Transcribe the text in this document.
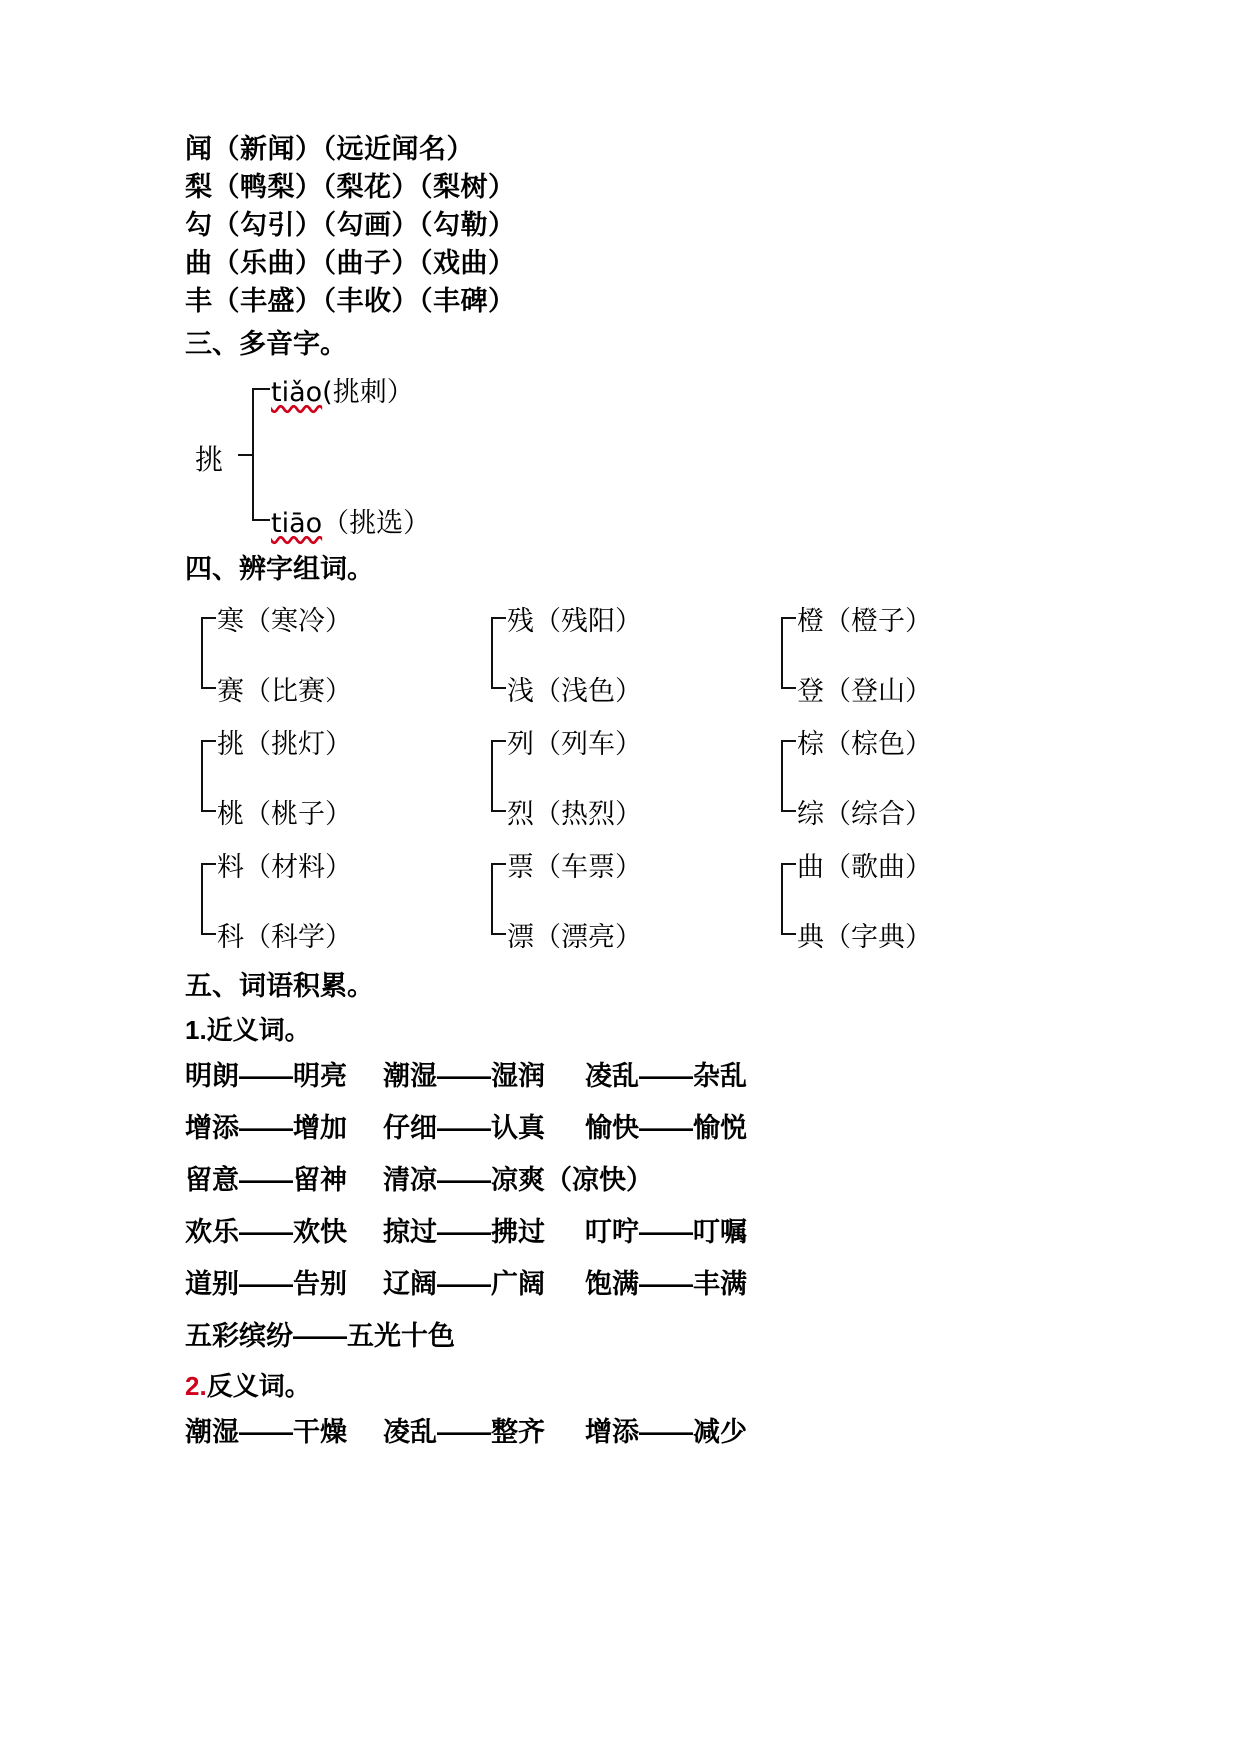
闻（新闻）（远近闻名）
梨（鸭梨）（梨花）（梨树）
勾（勾引）（勾画）（勾勒）
曲（乐曲）（曲子）（戏曲）
丰（丰盛）（丰收）（丰碑）
三、多音字。
挑
tiǎo(挑刺）
tiāo（挑选）
四、辨字组词。
寒（寒冷）
赛（比赛）
残（残阳）
浅（浅色）
橙（橙子）
登（登山）
挑（挑灯）
桃（桃子）
列（列车）
烈（热烈）
棕（棕色）
综（综合）
料（材料）
科（科学）
票（车票）
漂（漂亮）
曲（歌曲）
典（字典）
五、词语积累。
1.近义词。
明朗——明亮 潮湿——湿润 凌乱——杂乱
增添——增加 仔细——认真 愉快——愉悦
留意——留神 清凉——凉爽（凉快）
欢乐——欢快 掠过——拂过 叮咛——叮嘱
道别——告别 辽阔——广阔 饱满——丰满
五彩缤纷——五光十色
2.反义词。
潮湿——干燥 凌乱——整齐 增添——减少
